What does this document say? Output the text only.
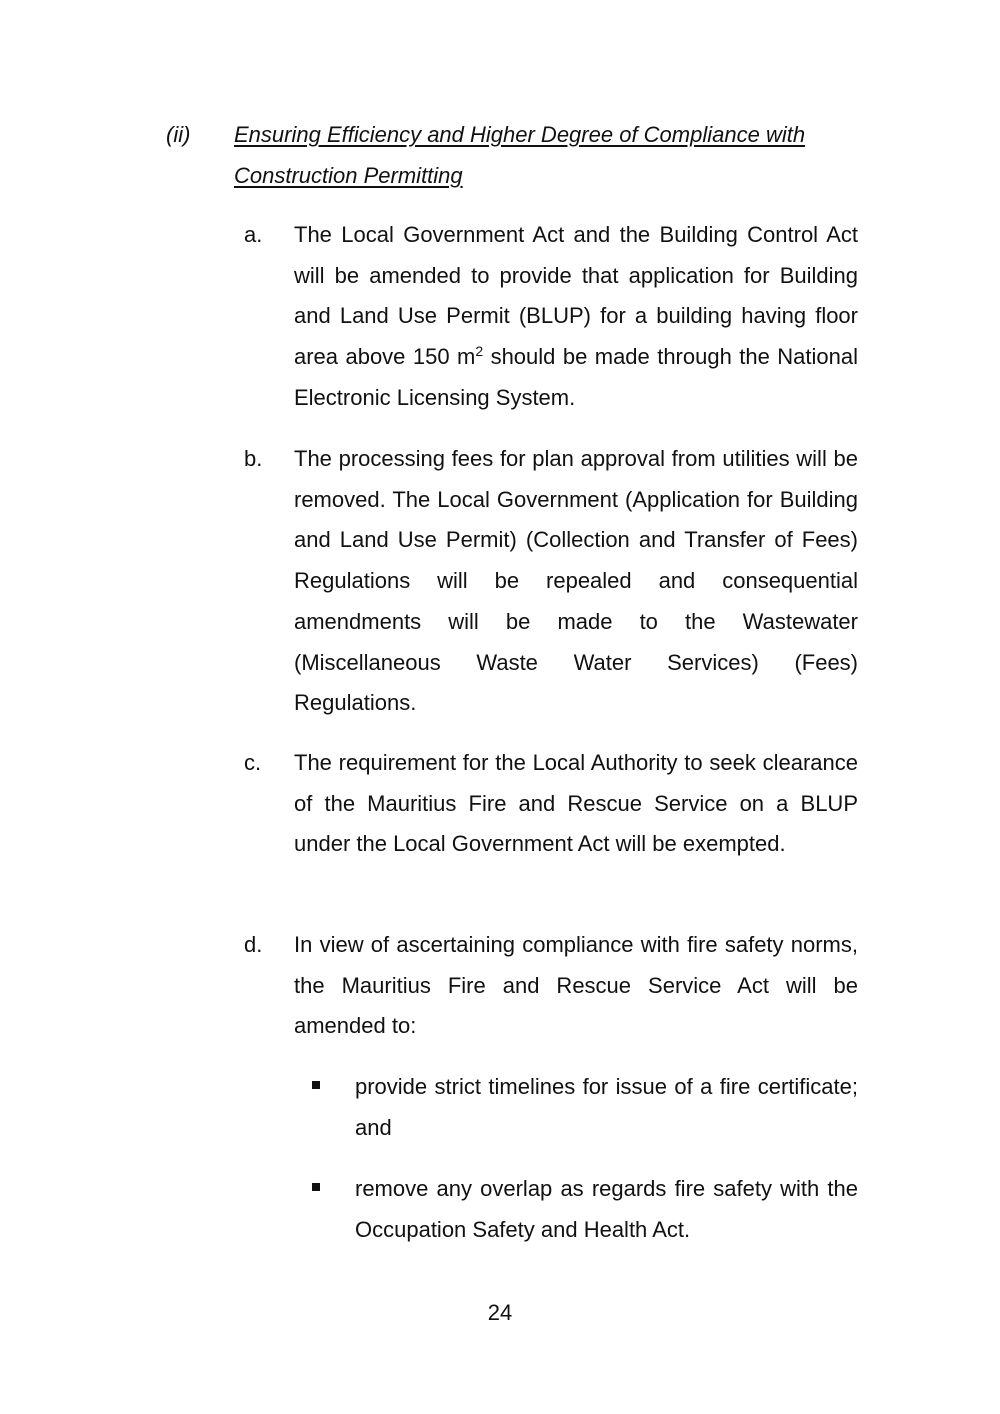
(ii) Ensuring Efficiency and Higher Degree of Compliance with Construction Permitting
a. The Local Government Act and the Building Control Act will be amended to provide that application for Building and Land Use Permit (BLUP) for a building having floor area above 150 $m^2$ should be made through the National Electronic Licensing System.
b. The processing fees for plan approval from utilities will be removed. The Local Government (Application for Building and Land Use Permit) (Collection and Transfer of Fees) Regulations will be repealed and consequential amendments will be made to the Wastewater (Miscellaneous Waste Water Services) (Fees) Regulations.
c. The requirement for the Local Authority to seek clearance of the Mauritius Fire and Rescue Service on a BLUP under the Local Government Act will be exempted.
d. In view of ascertaining compliance with fire safety norms, the Mauritius Fire and Rescue Service Act will be amended to:
provide strict timelines for issue of a fire certificate; and
remove any overlap as regards fire safety with the Occupation Safety and Health Act.
24
